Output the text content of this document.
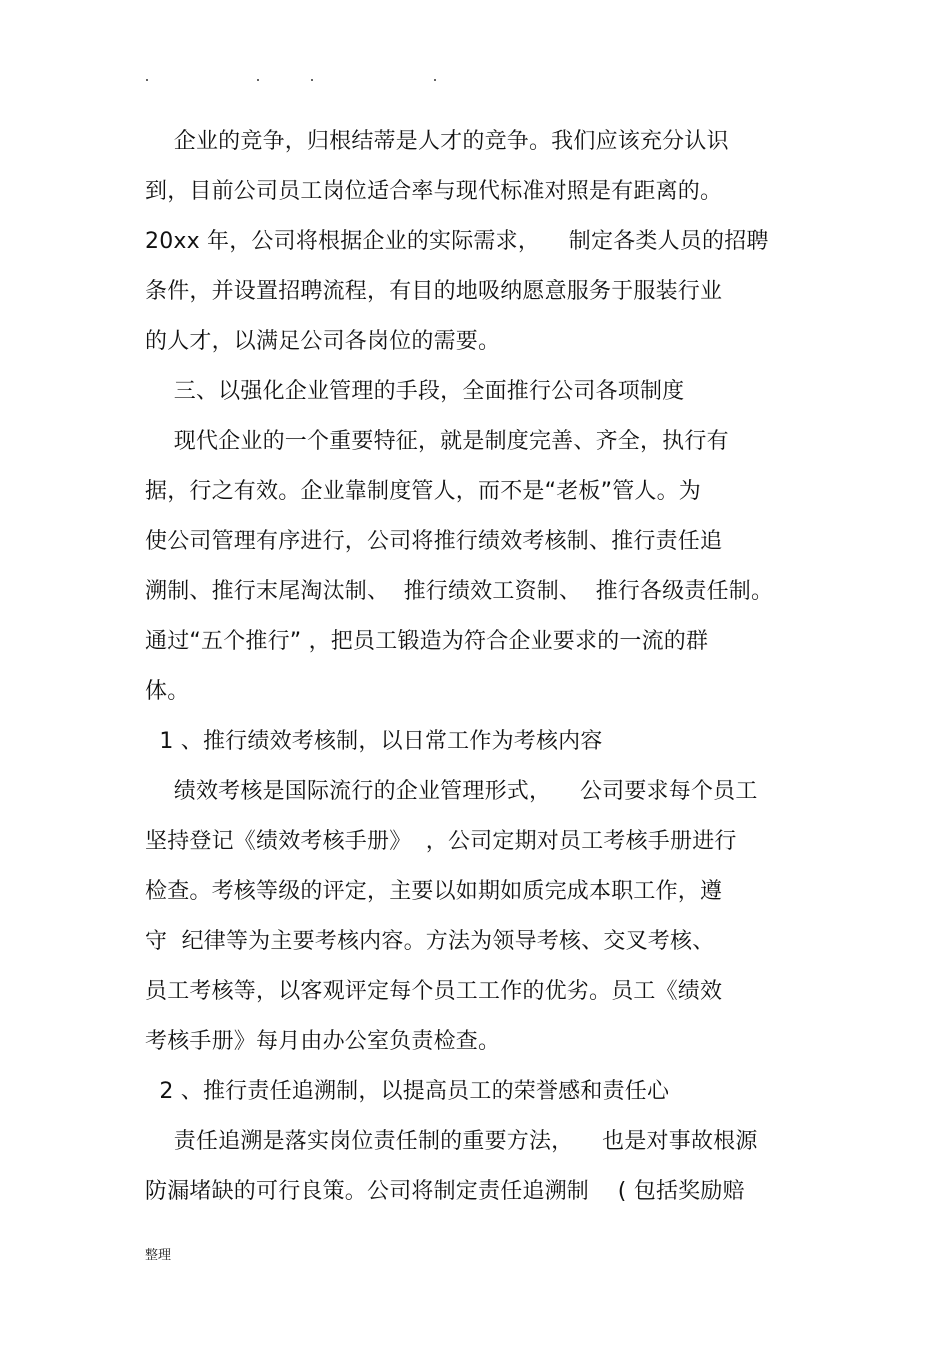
企业的竞争，归根结蒂是人才的竞争。我们应该充分认识
到，目前公司员工岗位适合率与现代标准对照是有距离的。
20xx 年，公司将根据企业的实际需求，    制定各类人员的招聘
条件，并设置招聘流程，有目的地吸纳愿意服务于服装行业
的人才，以满足公司各岗位的需要。
三、以强化企业管理的手段，全面推行公司各项制度
现代企业的一个重要特征，就是制度完善、齐全，执行有
据，行之有效。企业靠制度管人，而不是“老板”管人。为
使公司管理有序进行，公司将推行绩效考核制、推行责任追
溯制、推行末尾淘汰制、  推行绩效工资制、  推行各级责任制。
通过“五个推行” ，把员工锻造为符合企业要求的一流的群
体。
1 、推行绩效考核制，以日常工作为考核内容
绩效考核是国际流行的企业管理形式，    公司要求每个员工
坚持登记《绩效考核手册》  ，公司定期对员工考核手册进行
检查。考核等级的评定，主要以如期如质完成本职工作，遵
守  纪律等为主要考核内容。方法为领导考核、交叉考核、
员工考核等，以客观评定每个员工工作的优劣。员工《绩效
考核手册》每月由办公室负责检查。
2 、推行责任追溯制，以提高员工的荣誉感和责任心
责任追溯是落实岗位责任制的重要方法，    也是对事故根源
防漏堵缺的可行良策。公司将制定责任追溯制    ( 包括奖励赔
整理
